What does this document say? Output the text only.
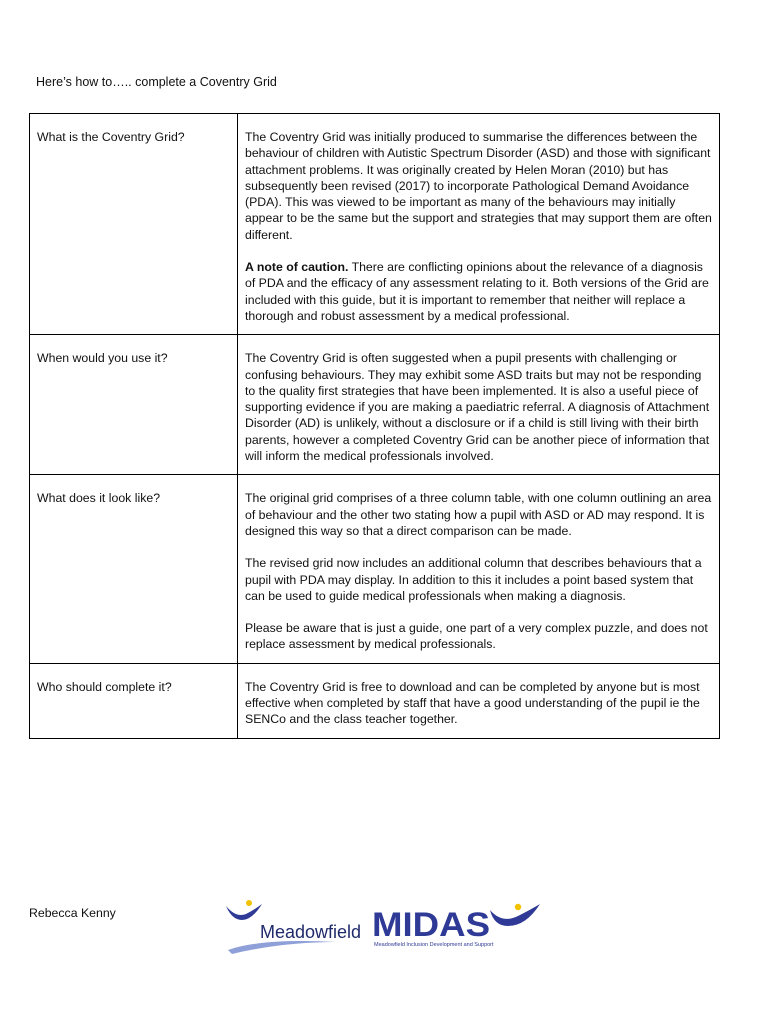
Here’s how to….. complete a Coventry Grid
What is the Coventry Grid?	The Coventry Grid was initially produced to summarise the differences between the behaviour of children with Autistic Spectrum Disorder (ASD) and those with significant attachment problems. It was originally created by Helen Moran (2010) but has subsequently been revised (2017) to incorporate Pathological Demand Avoidance (PDA). This was viewed to be important as many of the behaviours may initially appear to be the same but the support and strategies that may support them are often different.

A note of caution. There are conflicting opinions about the relevance of a diagnosis of PDA and the efficacy of any assessment relating to it. Both versions of the Grid are included with this guide, but it is important to remember that neither will replace a thorough and robust assessment by a medical professional.

When would you use it?	The Coventry Grid is often suggested when a pupil presents with challenging or confusing behaviours. They may exhibit some ASD traits but may not be responding to the quality first strategies that have been implemented. It is also a useful piece of supporting evidence if you are making a paediatric referral. A diagnosis of Attachment Disorder (AD) is unlikely, without a disclosure or if a child is still living with their birth parents, however a completed Coventry Grid can be another piece of information that will inform the medical professionals involved.

What does it look like?	The original grid comprises of a three column table, with one column outlining an area of behaviour and the other two stating how a pupil with ASD or AD may respond. It is designed this way so that a direct comparison can be made.

The revised grid now includes an additional column that describes behaviours that a pupil with PDA may display. In addition to this it includes a point based system that can be used to guide medical professionals when making a diagnosis.

Please be aware that is just a guide, one part of a very complex puzzle, and does not replace assessment by medical professionals.

Who should complete it?	The Coventry Grid is free to download and can be completed by anyone but is most effective when completed by staff that have a good understanding of the pupil ie the SENCo and the class teacher together.

Rebecca Kenny
Meadowfield MIDAS
Meadowfield Inclusion Development and Support
